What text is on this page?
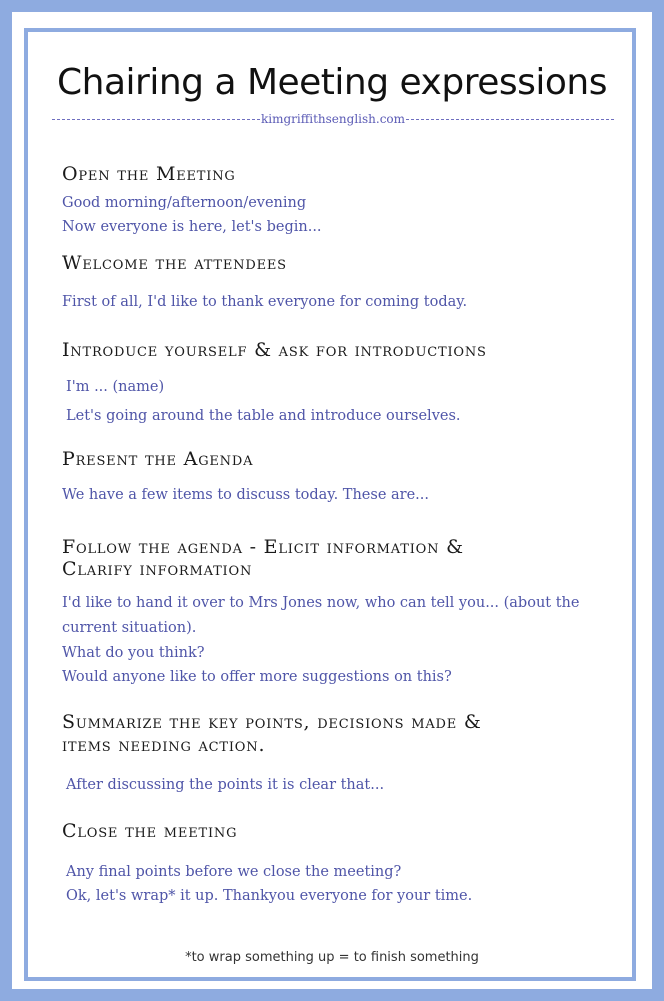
Chairing a Meeting expressions
kimgriffithsenglish.com
Open the Meeting
Good morning/afternoon/evening
Now everyone is here, let's begin...
Welcome the attendees
First of all, I'd like to thank everyone for coming today.
Introduce yourself & ask for introductions
I'm ... (name)
Let's going around the table and introduce ourselves.
Present the Agenda
We have a few items to discuss today. These are...
Follow the agenda - Elicit information &
Clarify information
I'd like to hand it over to Mrs Jones now, who can tell you... (about the
current situation).
What do you think?
Would anyone like to offer more suggestions on this?
Summarize the key points, decisions made &
items needing action.
After discussing the points it is clear that...
Close the meeting
Any final points before we close the meeting?
Ok, let's wrap* it up. Thankyou everyone for your time.
*to wrap something up = to finish something
